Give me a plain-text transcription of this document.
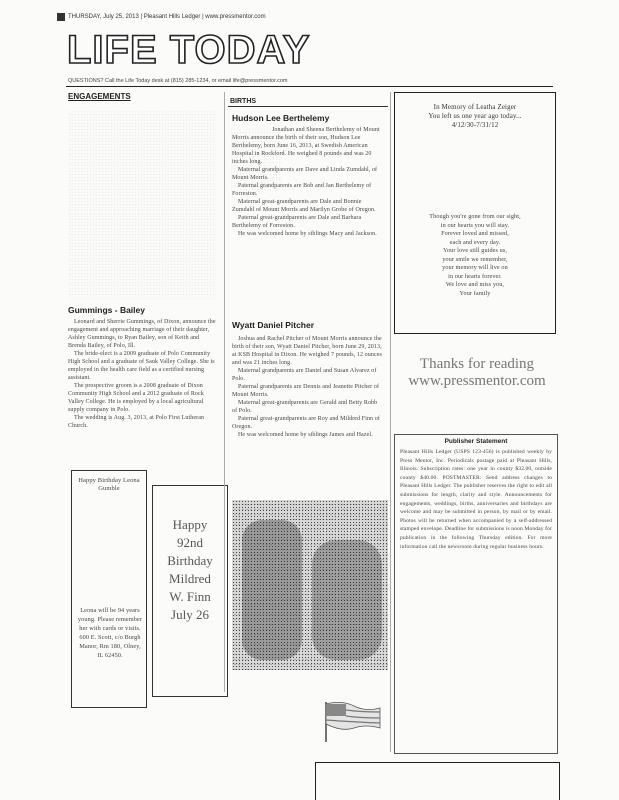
THURSDAY, July 25, 2013 | Pleasant Hills Ledger | www.pressmentor.com
LIFE TODAY
QUESTIONS? Call the Life Today desk at (815) 285-1234, or email life@pressmentor.com
ENGAGEMENTS
Gummings - Bailey
Leonard and Sherrie Gummings, of Dixon, announce the engagement and approaching marriage of their daughter, Ashley Gummings, to Ryan Bailey, son of Keith and Brenda Bailey, of Polo, Ill.
The bride-elect is a 2009 graduate of Polo Community High School and a graduate of Sauk Valley College. She is employed in the health care field as a certified nursing assistant.
The prospective groom is a 2008 graduate of Dixon Community High School and a 2012 graduate of Rock Valley College. He is employed by a local agricultural supply company in Polo.
The wedding is Aug. 3, 2013, at Polo First Lutheran Church.
BIRTHS
Hudson Lee Berthelemy
Jonathan and Sheena Berthelemy of Mount Morris announce the birth of their son, Hudson Lee Berthelemy, born June 16, 2013, at Swedish American Hospital in Rockford. He weighed 8 pounds and was 20 inches long.
Maternal grandparents are Dave and Linda Zumdahl, of Mount Morris.
Paternal grandparents are Bob and Jan Berthelemy of Forreston.
Maternal great-grandparents are Dale and Bonnie Zumdahl of Mount Morris and Marilyn Grobe of Oregon.
Paternal great-grandparents are Dale and Barbara Berthelemy of Forreston.
He was welcomed home by siblings Macy and Jackson.
Wyatt Daniel Pitcher
Joshua and Rachel Pitcher of Mount Morris announce the birth of their son, Wyatt Daniel Pitcher, born June 29, 2013, at KSB Hospital in Dixon. He weighed 7 pounds, 12 ounces and was 21 inches long.
Maternal grandparents are Daniel and Susan Alvarez of Polo.
Paternal grandparents are Dennis and Jeanette Pitcher of Mount Morris.
Maternal great-grandparents are Gerald and Betty Robb of Polo.
Paternal great-grandparents are Roy and Mildred Finn of Oregon.
He was welcomed home by siblings James and Hazel.
In Memory of Leatha Zeiger
You left us one year ago today...
4/12/30-7/31/12
Though you're gone from our sight,
in our hearts you will stay.
Forever loved and missed,
each and every day.
Your love still guides us,
your smile we remember,
your memory will live on
in our hearts forever.
We love and miss you,
Your family
Thanks for reading
www.pressmentor.com
Publisher Statement
Pleasant Hills Ledger (USPS 123-456) is published weekly by Press Mentor, Inc. Periodicals postage paid at Pleasant Hills, Illinois. Subscription rates: one year in county $32.00, outside county $40.00. POSTMASTER: Send address changes to Pleasant Hills Ledger. The publisher reserves the right to edit all submissions for length, clarity and style. Announcements for engagements, weddings, births, anniversaries and birthdays are welcome and may be submitted in person, by mail or by email. Photos will be returned when accompanied by a self-addressed stamped envelope. Deadline for submissions is noon Monday for publication in the following Thursday edition. For more information call the newsroom during regular business hours.
Happy Birthday Leona Gumble
Leona will be 94 years young. Please remember her with cards or visits. 600 E. Scott, c/o Burgh Manor, Rm 180, Olney, IL 62450.
Happy
92nd
Birthday
Mildred
W. Finn
July 26
